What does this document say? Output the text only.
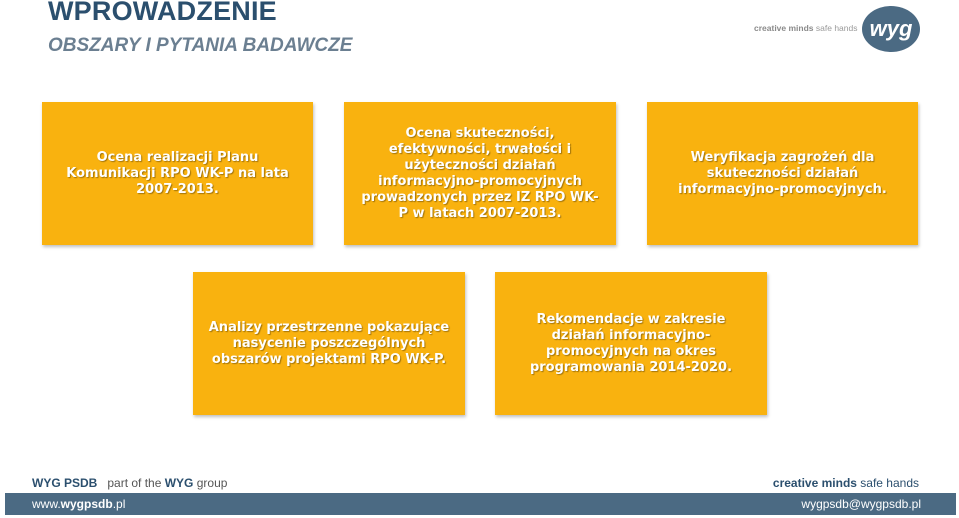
WPROWADZENIE
OBSZARY I PYTANIA BADAWCZE
creative minds safe hands wyg
Ocena realizacji Planu Komunikacji RPO WK-P na lata 2007-2013.
Ocena skuteczności, efektywności, trwałości i użyteczności działań informacyjno-promocyjnych prowadzonych przez IZ RPO WK-P w latach 2007-2013.
Weryfikacja zagrożeń dla skuteczności działań informacyjno-promocyjnych.
Analizy przestrzenne pokazujące nasycenie poszczególnych obszarów projektami RPO WK-P.
Rekomendacje w zakresie działań informacyjno-promocyjnych na okres programowania 2014-2020.
WYG PSDB part of the WYG group	creative minds safe hands
www.wygpsdb.pl	wygpsdb@wygpsdb.pl
